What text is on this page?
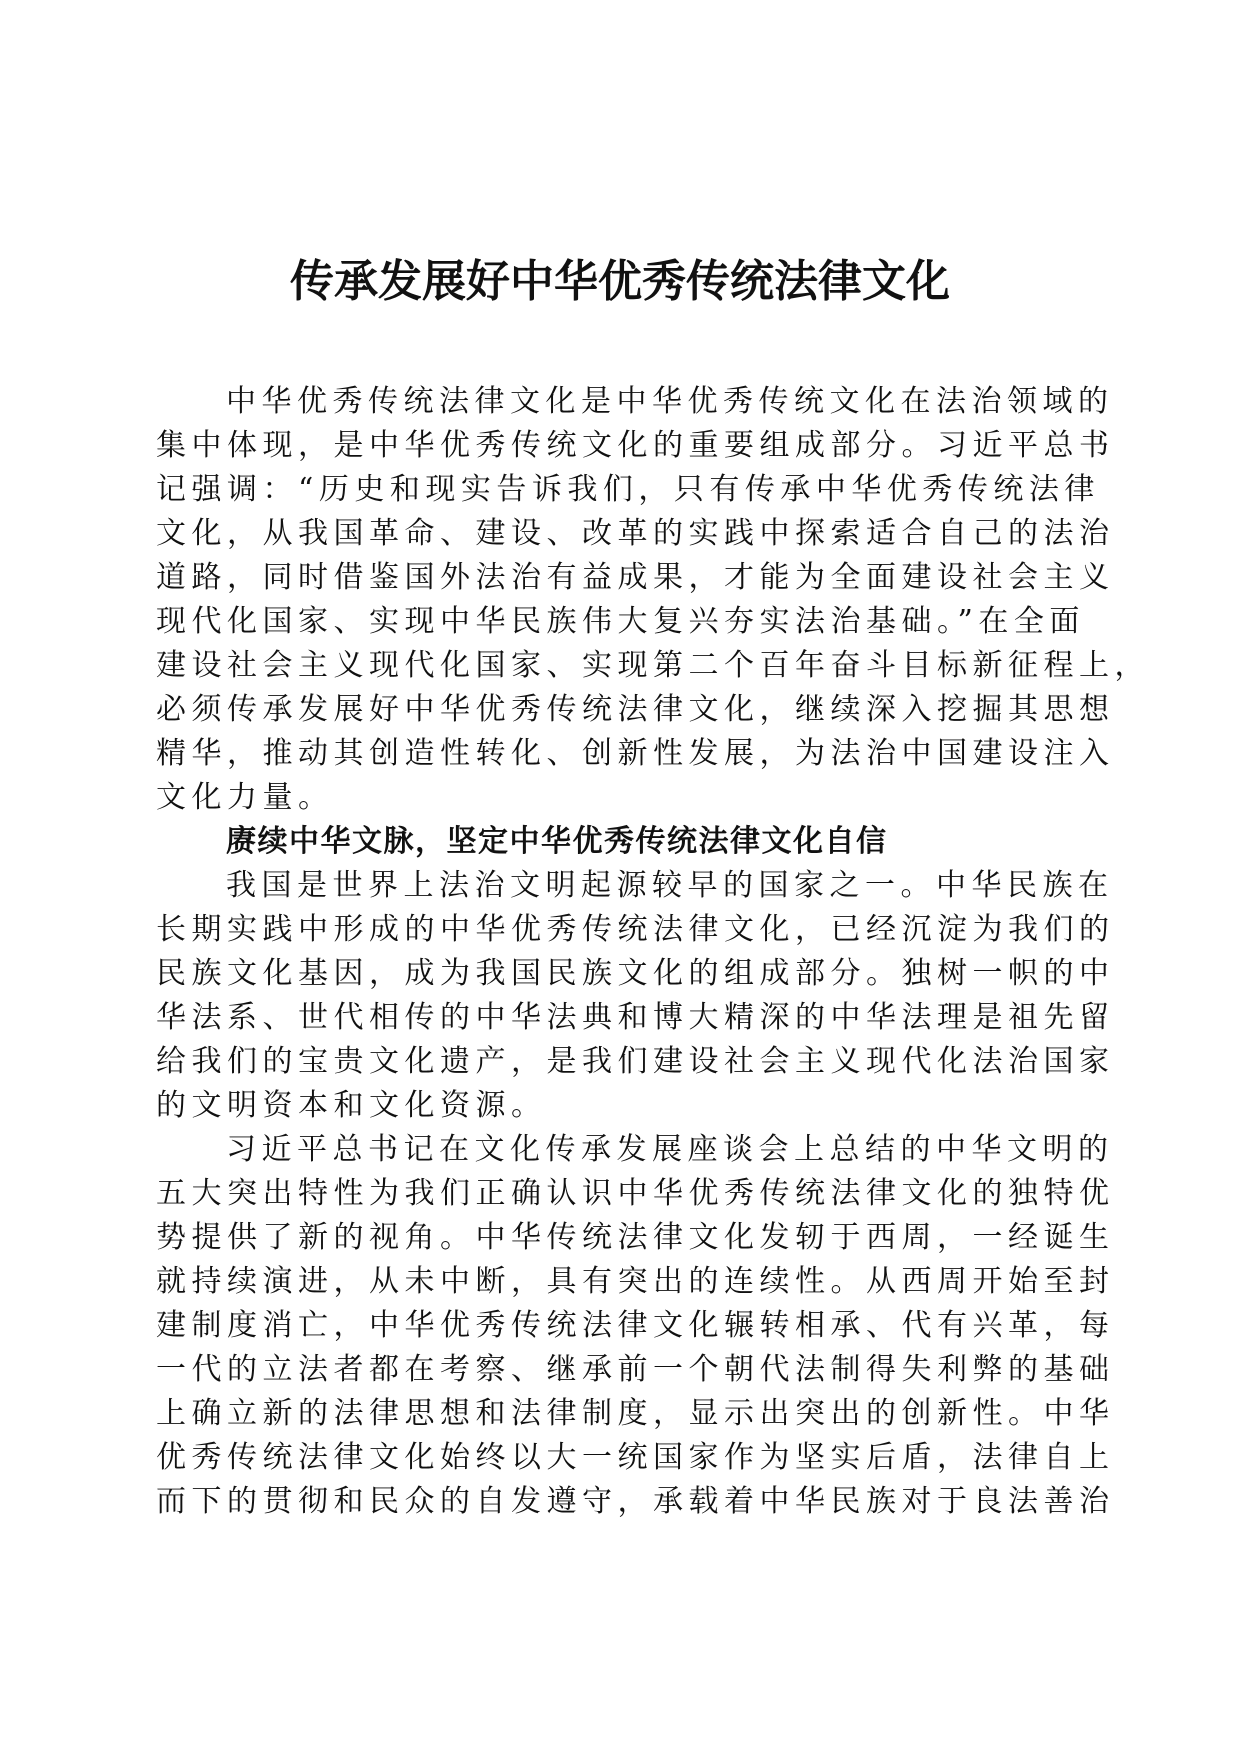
传承发展好中华优秀传统法律文化
中华优秀传统法律文化是中华优秀传统文化在法治领域的
集中体现，是中华优秀传统文化的重要组成部分。习近平总书
记强调：“历史和现实告诉我们，只有传承中华优秀传统法律
文化，从我国革命、建设、改革的实践中探索适合自己的法治
道路，同时借鉴国外法治有益成果，才能为全面建设社会主义
现代化国家、实现中华民族伟大复兴夯实法治基础。”在全面
建设社会主义现代化国家、实现第二个百年奋斗目标新征程上，
必须传承发展好中华优秀传统法律文化，继续深入挖掘其思想
精华，推动其创造性转化、创新性发展，为法治中国建设注入
文化力量。
赓续中华文脉，坚定中华优秀传统法律文化自信
我国是世界上法治文明起源较早的国家之一。中华民族在
长期实践中形成的中华优秀传统法律文化，已经沉淀为我们的
民族文化基因，成为我国民族文化的组成部分。独树一帜的中
华法系、世代相传的中华法典和博大精深的中华法理是祖先留
给我们的宝贵文化遗产，是我们建设社会主义现代化法治国家
的文明资本和文化资源。
习近平总书记在文化传承发展座谈会上总结的中华文明的
五大突出特性为我们正确认识中华优秀传统法律文化的独特优
势提供了新的视角。中华传统法律文化发轫于西周，一经诞生
就持续演进，从未中断，具有突出的连续性。从西周开始至封
建制度消亡，中华优秀传统法律文化辗转相承、代有兴革，每
一代的立法者都在考察、继承前一个朝代法制得失利弊的基础
上确立新的法律思想和法律制度，显示出突出的创新性。中华
优秀传统法律文化始终以大一统国家作为坚实后盾，法律自上
而下的贯彻和民众的自发遵守，承载着中华民族对于良法善治
